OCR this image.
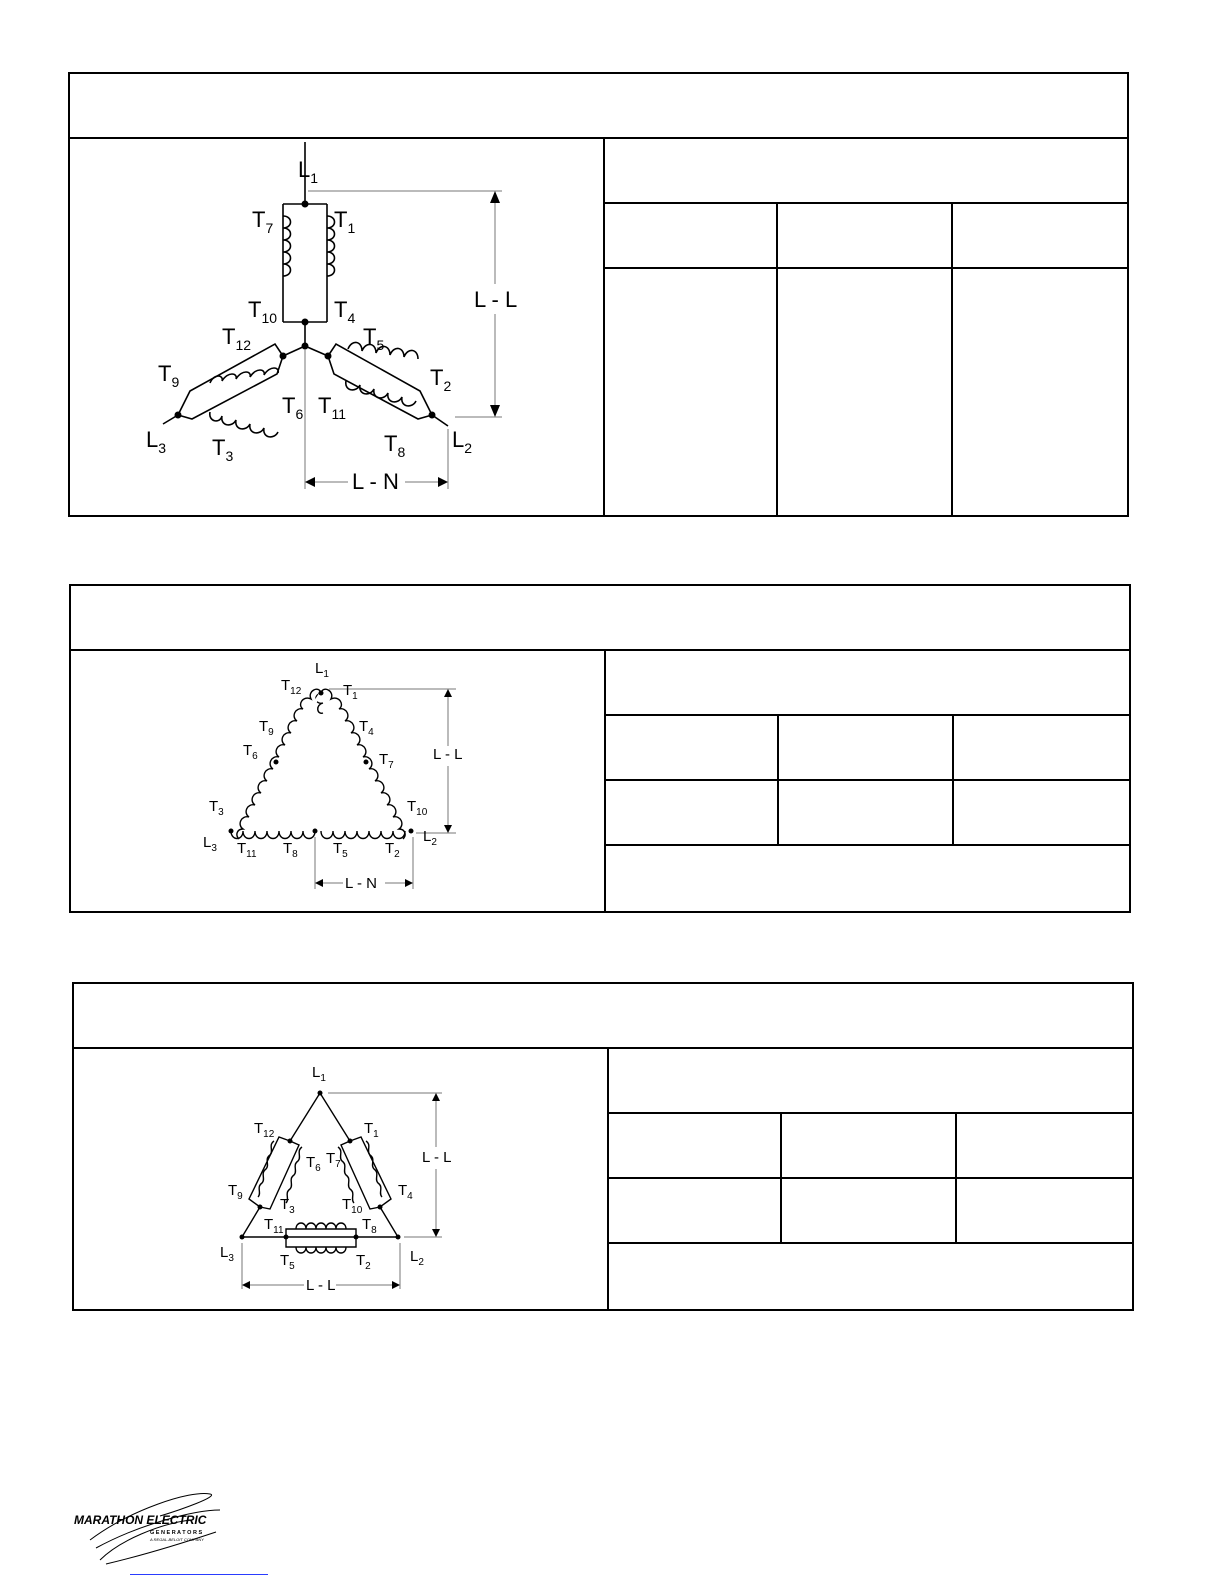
$L_1$
$T_7$	$T_1$
$T_{10}$	$T_4$
$T_{12}$	$T_5$
$T_9$	$T_2$
$T_6$ $T_{11}$
$L_3$ $T_3$	$T_8$ $L_2$
L - L
L - N
$L_1$
$T_{12}$	$T_1$
$T_9$	$T_4$
$T_6$	$T_7$
$T_3$	$T_{10}$
$L_3$ $T_{11}$ $T_8$ $T_5$ $T_2$
$L_2$
L - L
L - N
$L_1$
$T_{12}$	$T_1$
$T_6$
$T_7$
$T_9$	$T_4$
$T_3$	$T_{10}$
$T_{11}$	$T_8$
$L_3$	$T_5$	$T_2$
$L_2$
L - L
L - L
MARATHON ELECTRIC
G E N E R A T O R S
A REGAL-BELOIT COMPANY
